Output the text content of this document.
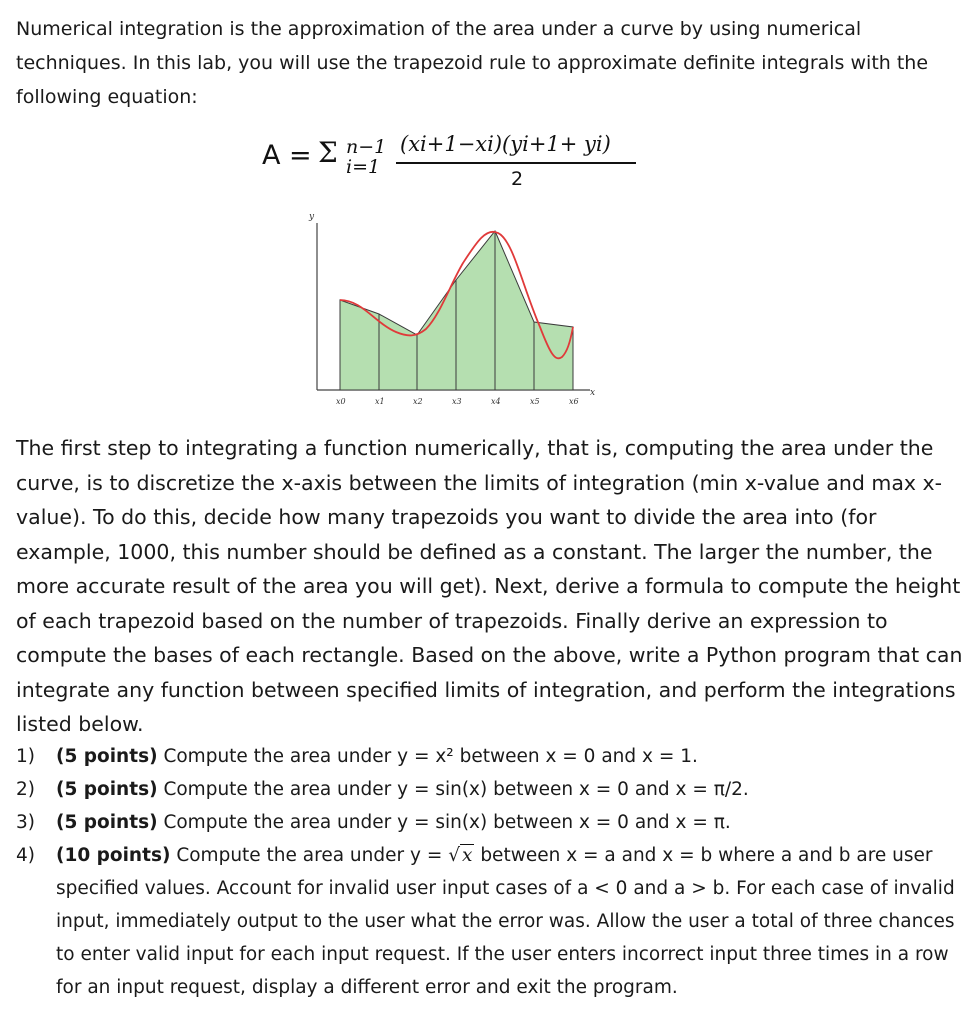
Numerical integration is the approximation of the area under a curve by using numerical techniques. In this lab, you will use the trapezoid rule to approximate definite integrals with the following equation:

A = Σ n−1
i=1
(xi+1−xi)(yi+1+ yi)
2
y
x
x0	x1	x2	x3	x4	x5	x6

The first step to integrating a function numerically, that is, computing the area under the curve, is to discretize the x-axis between the limits of integration (min x-value and max x-value). To do this, decide how many trapezoids you want to divide the area into (for example, 1000, this number should be defined as a constant. The larger the number, the more accurate result of the area you will get). Next, derive a formula to compute the height of each trapezoid based on the number of trapezoids. Finally derive an expression to compute the bases of each rectangle. Based on the above, write a Python program that can integrate any function between specified limits of integration, and perform the integrations listed below.

1)	(5 points) Compute the area under y = x² between x = 0 and x = 1.
2)	(5 points) Compute the area under y = sin(x) between x = 0 and x = π/2.
3)	(5 points) Compute the area under y = sin(x) between x = 0 and x = π.
4)	(10 points) Compute the area under y = √ x between x = a and x = b where a and b are user specified values. Account for invalid user input cases of a < 0 and a > b. For each case of invalid input, immediately output to the user what the error was. Allow the user a total of three chances to enter valid input for each input request. If the user enters incorrect input three times in a row for an input request, display a different error and exit the program.
